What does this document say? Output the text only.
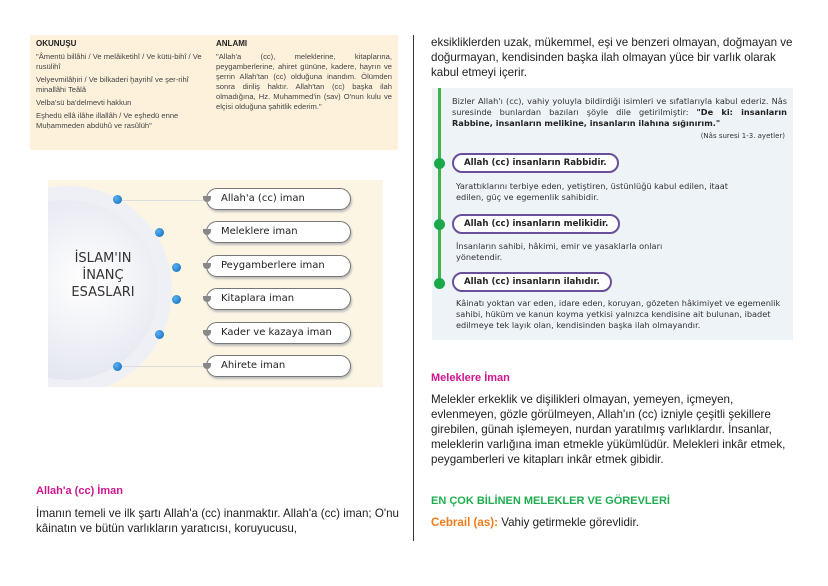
OKUNUŞU

"Âmentü billâhi / Ve melâiketihî / Ve kütü-bihî / Ve rusülihî

Velyevmilâḥiri / Ve bilkaderi ḫayrihî ve şer-rihî minallâhi Teâlâ

Velba'sü ba'delmevti hakkun

Eşhedü ellâ ilâhe illallâh / Ve eşhedü enne Muḥammeden abdühû ve rasûlüh"

ANLAMI

"Allah'a (cc), meleklerine, kitaplarına, peygamberlerine, ahiret gününe, kadere, hayrın ve şerrin Allah'tan (cc) olduğuna inandım. Ölümden sonra diriliş haktır. Allah'tan (cc) başka ilah olmadığına, Hz. Muhammed'in (sav) O'nun kulu ve elçisi olduğuna şahitlik ederim."

İSLAM'IN
İNANÇ
ESASLARI
Allah'a (cc) iman
Meleklere iman
Peygamberlere iman
Kitaplara iman
Kader ve kazaya iman
Ahirete iman
Allah'a (cc) İman
İmanın temeli ve ilk şartı Allah'a (cc) inanmaktır. Allah'a (cc) iman; O'nu kâinatın ve bütün varlıkların yaratıcısı, koruyucusu,
eksikliklerden uzak, mükemmel, eşi ve benzeri olmayan, doğmayan ve doğurmayan, kendisinden başka ilah olmayan yüce bir varlık olarak kabul etmeyi içerir.
Bizler Allah'ı (cc), vahiy yoluyla bildirdiği isimleri ve sıfatlarıyla kabul ederiz. Nâs suresinde bunlardan bazıları şöyle dile getirilmiştir: "De ki: insanların Rabbine, insanların melikine, insanların ilahına sığınırım."
(Nâs suresi 1-3. ayetler)
Allah (cc) insanların Rabbidir.
Yarattıklarını terbiye eden, yetiştiren, üstünlüğü kabul edilen, itaat edilen, güç ve egemenlik sahibidir.
Allah (cc) insanların melikidir.
İnsanların sahibi, hâkimi, emir ve yasaklarla onları yönetendir.
Allah (cc) insanların ilahıdır.
Kâinatı yoktan var eden, idare eden, koruyan, gözeten hâkimiyet ve egemenlik sahibi, hüküm ve kanun koyma yetkisi yalnızca kendisine ait bulunan, ibadet edilmeye tek layık olan, kendisinden başka ilah olmayandır.
Meleklere İman
Melekler erkeklik ve dişilikleri olmayan, yemeyen, içmeyen, evlenmeyen, gözle görülmeyen, Allah'ın (cc) izniyle çeşitli şekillere girebilen, günah işlemeyen, nurdan yaratılmış varlıklardır. İnsanlar, meleklerin varlığına iman etmekle yükümlüdür. Melekleri inkâr etmek, peygamberleri ve kitapları inkâr etmek gibidir.
EN ÇOK BİLİNEN MELEKLER VE GÖREVLERİ
Cebrail (as): Vahiy getirmekle görevlidir.
